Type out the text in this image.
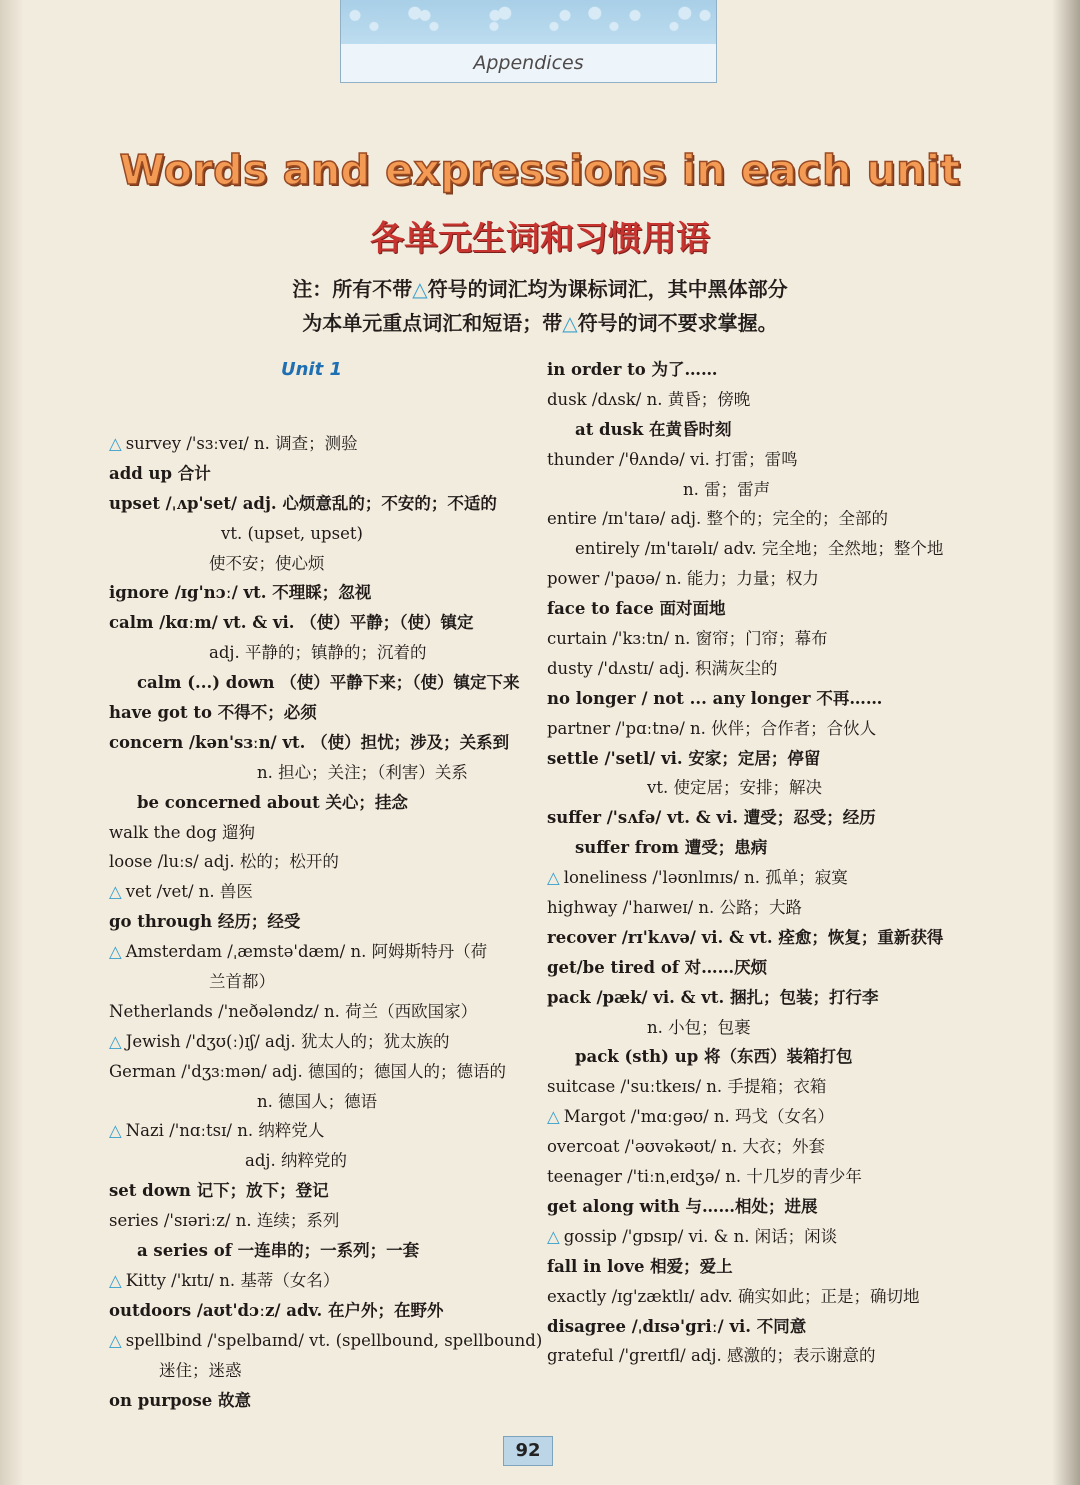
Appendices
Words and expressions in each unit
各单元生词和习惯用语
注：所有不带△符号的词汇均为课标词汇，其中黑体部分
为本单元重点词汇和短语；带△符号的词不要求掌握。
Unit 1
△ survey /'sɜːveɪ/ n. 调查；测验
add up 合计
upset /ˌʌp'set/ adj. 心烦意乱的；不安的；不适的
vt. (upset, upset)
使不安；使心烦
ignore /ɪg'nɔː/ vt. 不理睬；忽视
calm /kɑːm/ vt. & vi. （使）平静；（使）镇定
adj. 平静的；镇静的；沉着的
calm (...) down （使）平静下来；（使）镇定下来
have got to 不得不；必须
concern /kən'sɜːn/ vt. （使）担忧；涉及；关系到
n. 担心；关注；（利害）关系
be concerned about 关心；挂念
walk the dog 遛狗
loose /luːs/ adj. 松的；松开的
△ vet /vet/ n. 兽医
go through 经历；经受
△ Amsterdam /ˌæmstə'dæm/ n. 阿姆斯特丹（荷
兰首都）
Netherlands /'neðələndz/ n. 荷兰（西欧国家）
△ Jewish /'dʒʊ(ː)ɪʃ/ adj. 犹太人的；犹太族的
German /'dʒɜːmən/ adj. 德国的；德国人的；德语的
n. 德国人；德语
△ Nazi /'nɑːtsɪ/ n. 纳粹党人
adj. 纳粹党的
set down 记下；放下；登记
series /'sɪəriːz/ n. 连续；系列
a series of 一连串的；一系列；一套
△ Kitty /'kɪtɪ/ n. 基蒂（女名）
outdoors /aʊt'dɔːz/ adv. 在户外；在野外
△ spellbind /'spelbaɪnd/ vt. (spellbound, spellbound)
迷住；迷惑
on purpose 故意
in order to 为了……
dusk /dʌsk/ n. 黄昏；傍晚
at dusk 在黄昏时刻
thunder /'θʌndə/ vi. 打雷；雷鸣
n. 雷；雷声
entire /ɪn'taɪə/ adj. 整个的；完全的；全部的
entirely /ɪn'taɪəlɪ/ adv. 完全地；全然地；整个地
power /'paʊə/ n. 能力；力量；权力
face to face 面对面地
curtain /'kɜːtn/ n. 窗帘；门帘；幕布
dusty /'dʌstɪ/ adj. 积满灰尘的
no longer / not ... any longer 不再……
partner /'pɑːtnə/ n. 伙伴；合作者；合伙人
settle /'setl/ vi. 安家；定居；停留
vt. 使定居；安排；解决
suffer /'sʌfə/ vt. & vi. 遭受；忍受；经历
suffer from 遭受；患病
△ loneliness /'ləʊnlɪnɪs/ n. 孤单；寂寞
highway /'haɪweɪ/ n. 公路；大路
recover /rɪ'kʌvə/ vi. & vt. 痊愈；恢复；重新获得
get/be tired of 对……厌烦
pack /pæk/ vi. & vt. 捆扎；包装；打行李
n. 小包；包裹
pack (sth) up 将（东西）装箱打包
suitcase /'suːtkeɪs/ n. 手提箱；衣箱
△ Margot /'mɑːgəʊ/ n. 玛戈（女名）
overcoat /'əʊvəkəʊt/ n. 大衣；外套
teenager /'tiːnˌeɪdʒə/ n. 十几岁的青少年
get along with 与……相处；进展
△ gossip /'gɒsɪp/ vi. & n. 闲话；闲谈
fall in love 相爱；爱上
exactly /ɪg'zæktlɪ/ adv. 确实如此；正是；确切地
disagree /ˌdɪsə'griː/ vi. 不同意
grateful /'greɪtfl/ adj. 感激的；表示谢意的
92
